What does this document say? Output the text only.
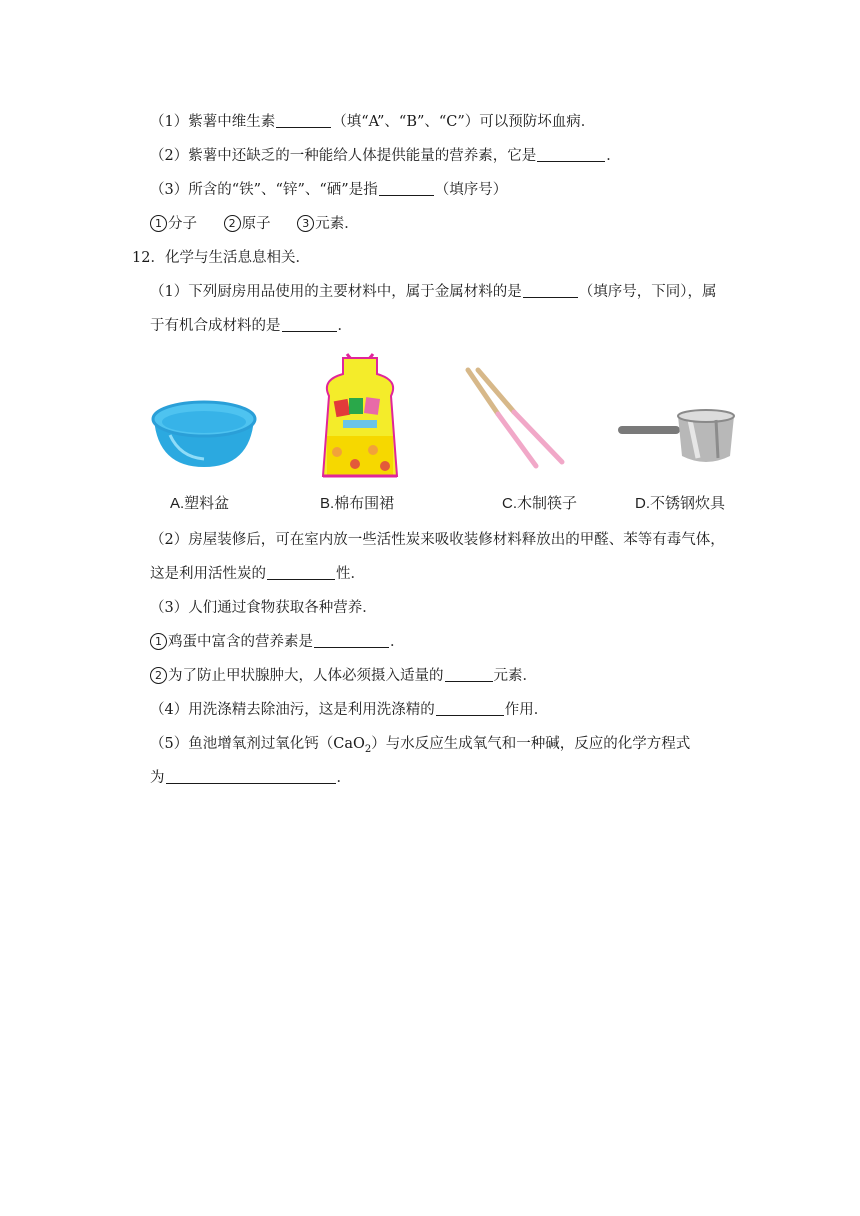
（1）紫薯中维生素	（填“A”、“B”、“C”）可以预防坏血病．
（2）紫薯中还缺乏的一种能给人体提供能量的营养素，它是	．
（3）所含的“铁”、“锌”、“硒”是指	（填序号）
1 分子	2 原子	3 元素．
12．化学与生活息息相关．
（1）下列厨房用品使用的主要材料中，属于金属材料的是	（填序号，下同），属
于有机合成材料的是	．
A.塑料盆	B.棉布围裙	C.木制筷子	D.不锈钢炊具
（2）房屋装修后，可在室内放一些活性炭来吸收装修材料释放出的甲醛、苯等有毒气体，
这是利用活性炭的	性．
（3）人们通过食物获取各种营养．
1 鸡蛋中富含的营养素是	．
2 为了防止甲状腺肿大，人体必须摄入适量的	元素．
（4）用洗涤精去除油污，这是利用洗涤精的	作用．
（5）鱼池增氧剂过氧化钙（CaO$_2$）与水反应生成氧气和一种碱，反应的化学方程式
为	．
